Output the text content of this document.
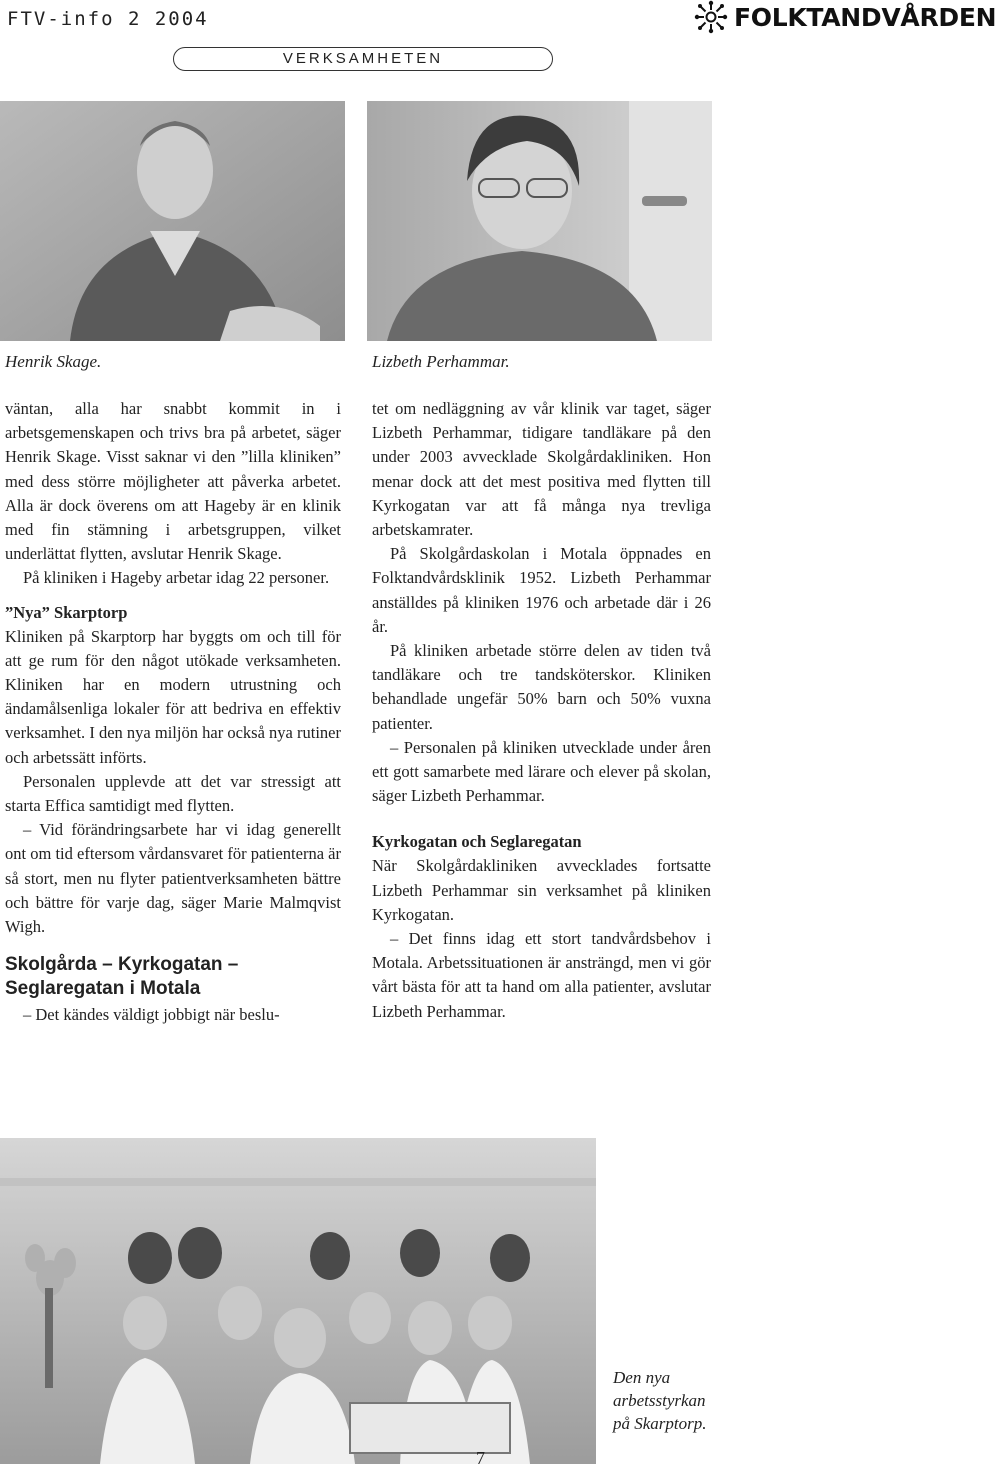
FTV-info 2 2004	FOLKTANDVÅRDEN
VERKSAMHETEN
Henrik Skage.	Lizbeth Perhammar.

väntan, alla har snabbt kommit in i arbetsgemenskapen och trivs bra på arbetet, säger Henrik Skage. Visst saknar vi den ”lilla kliniken” med dess större möjligheter att påverka arbetet. Alla är dock överens om att Hageby är en klinik med fin stämning i arbetsgruppen, vilket underlättat flytten, avslutar Henrik Skage.

På kliniken i Hageby arbetar idag 22 personer.

”Nya” Skarptorp

Kliniken på Skarptorp har byggts om och till för att ge rum för den något utökade verksamheten. Kliniken har en modern utrustning och ändamålsenliga lokaler för att bedriva en effektiv verksamhet. I den nya miljön har också nya rutiner och arbetssätt införts.

Personalen upplevde att det var stressigt att starta Effica samtidigt med flytten.

– Vid förändringsarbete har vi idag generellt ont om tid eftersom vårdansvaret för patienterna är så stort, men nu flyter patientverksamheten bättre och bättre för varje dag, säger Marie Malmqvist Wigh.

Skolgårda – Kyrkogatan –
Seglaregatan i Motala

– Det kändes väldigt jobbigt när beslu-

tet om nedläggning av vår klinik var taget, säger Lizbeth Perhammar, tidigare tandläkare på den under 2003 avvecklade Skolgårdakliniken. Hon menar dock att det mest positiva med flytten till Kyrkogatan var att få många nya trevliga arbetskamrater.

På Skolgårdaskolan i Motala öppnades en Folktandvårdsklinik 1952. Lizbeth Perhammar anställdes på kliniken 1976 och arbetade där i 26 år.

På kliniken arbetade större delen av tiden två tandläkare och tre tandsköterskor. Kliniken behandlade ungefär 50% barn och 50% vuxna patienter.

– Personalen på kliniken utvecklade under åren ett gott samarbete med lärare och elever på skolan, säger Lizbeth Perhammar.

Kyrkogatan och Seglaregatan

När Skolgårdakliniken avvecklades fortsatte Lizbeth Perhammar sin verksamhet på kliniken Kyrkogatan.

– Det finns idag ett stort tandvårdsbehov i Motala. Arbetssituationen är ansträngd, men vi gör vårt bästa för att ta hand om alla patienter, avslutar Lizbeth Perhammar.

Den nya
arbetsstyrkan
på Skarptorp.
7
